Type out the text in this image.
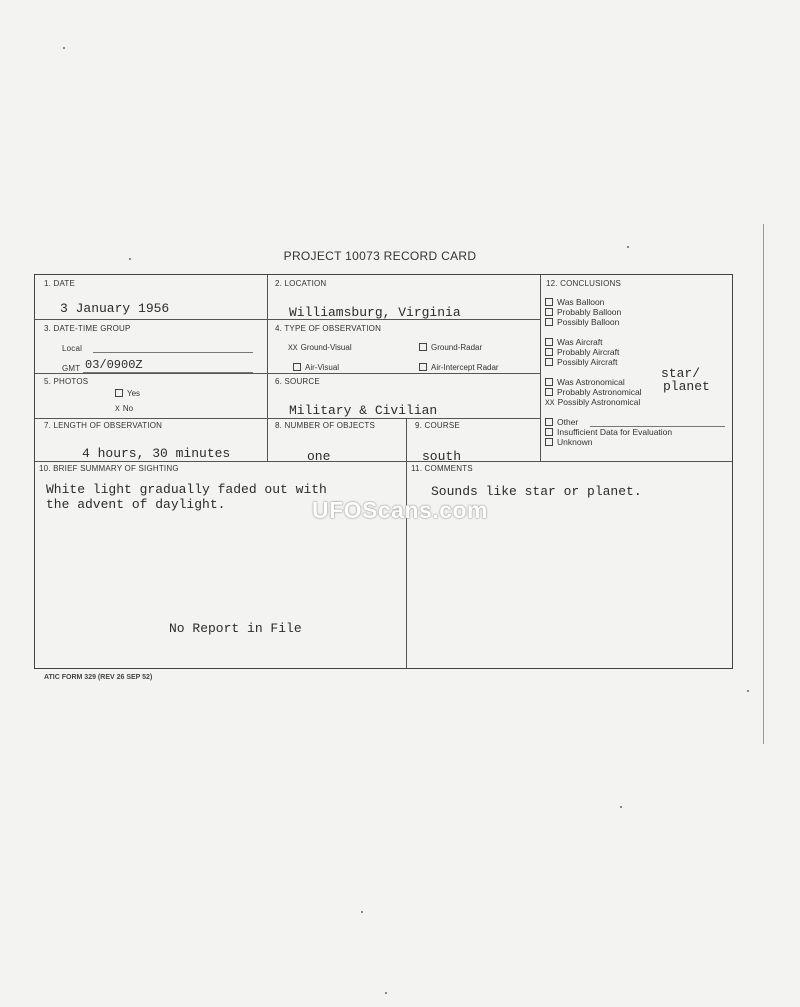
PROJECT 10073 RECORD CARD
1. DATE
3 January 1956
2. LOCATION
Williamsburg, Virginia
3. DATE-TIME GROUP
Local
GMT 03/0900Z
4. TYPE OF OBSERVATION
XX Ground-Visual	Ground-Radar
Air-Visual	Air-Intercept Radar
5. PHOTOS
Yes
X No
6. SOURCE
Military & Civilian
7. LENGTH OF OBSERVATION
4 hours, 30 minutes
8. NUMBER OF OBJECTS
one
9. COURSE
south
12. CONCLUSIONS
Was Balloon
Probably Balloon
Possibly Balloon
Was Aircraft
Probably Aircraft
Possibly Aircraft
Was Astronomical
Probably Astronomical
XX Possibly Astronomical
Other
Insufficient Data for Evaluation
Unknown
star/
planet
10. BRIEF SUMMARY OF SIGHTING
White light gradually faded out with
the advent of daylight.
No Report in File
11. COMMENTS
Sounds like star or planet.
ATIC FORM 329 (REV 26 SEP 52)
UFOScans.com
